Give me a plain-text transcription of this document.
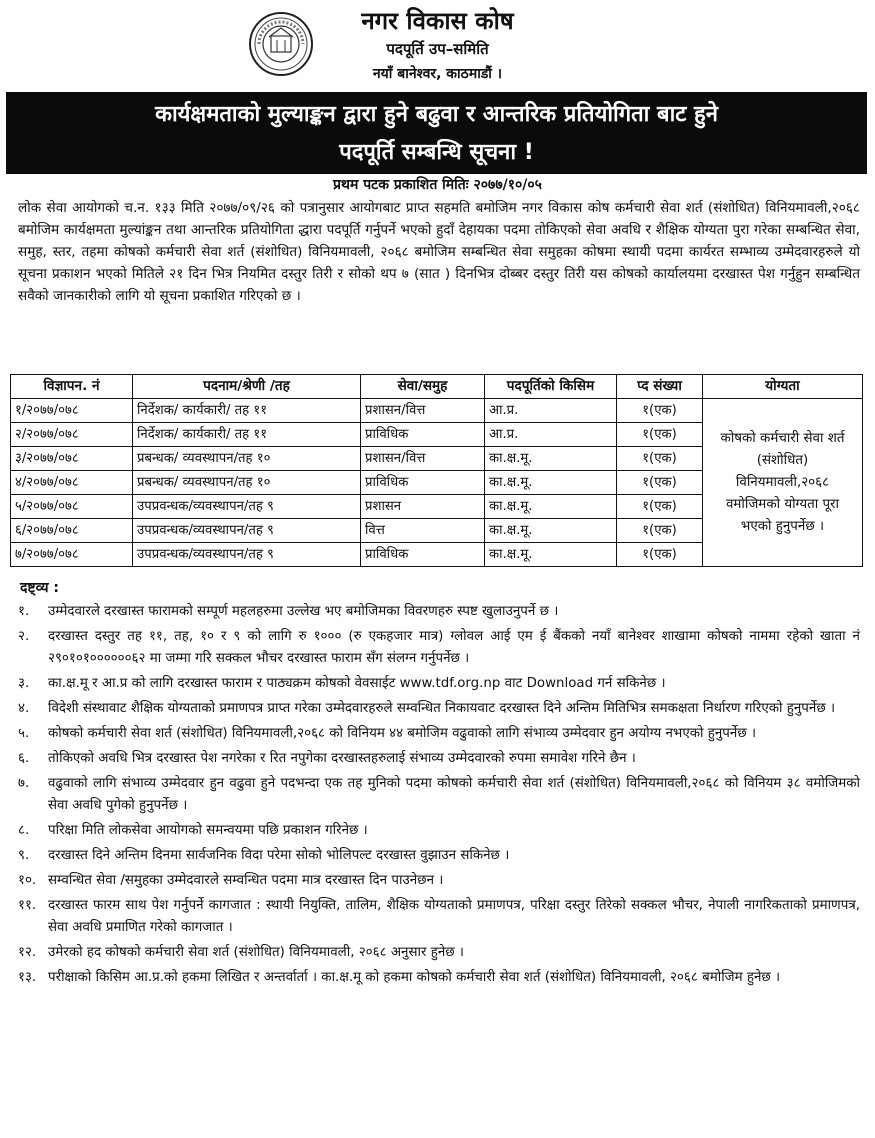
नगर विकास कोष
पदपूर्ति उप–समिति
नयाँ बानेश्वर, काठमाडौं ।
कार्यक्षमताको मुल्याङ्कन द्वारा हुने बढुवा र आन्तरिक प्रतियोगिता बाट हुने
पदपूर्ति सम्बन्धि सूचना !
प्रथम पटक प्रकाशित मितिः २०७७/१०/०५
लोक सेवा आयोगको च.न. १३३ मिति २०७७/०९/२६ को पत्रानुसार आयोगबाट प्राप्त सहमति बमोजिम नगर विकास कोष कर्मचारी सेवा शर्त (संशोधित) विनियमावली,२०६८ बमोजिम कार्यक्षमता मुल्यांङ्कन तथा आन्तरिक प्रतियोगिता द्धारा पदपूर्ति गर्नुपर्ने भएको हुदाँ देहायका पदमा तोकिएको सेवा अवधि र शैक्षिक योग्यता पुरा गरेका सम्बन्धित सेवा, समुह, स्तर, तहमा कोषको कर्मचारी सेवा शर्त (संशोधित) विनियमावली, २०६८ बमोजिम सम्बन्धित सेवा समुहका कोषमा स्थायी पदमा कार्यरत सम्भाव्य उम्मेदवारहरुले यो सूचना प्रकाशन भएको मितिले २१ दिन भित्र नियमित दस्तुर तिरी र सोको थप ७ (सात ) दिनभित्र दोब्बर दस्तुर तिरी यस कोषको कार्यालयमा दरखास्त पेश गर्नुहुन सम्बन्धित सवैको जानकारीको लागि यो सूचना प्रकाशित गरिएको छ ।
विज्ञापन. नं	पदनाम/श्रेणी /तह	सेवा/समुह	पदपूर्तिको किसिम	प्द संख्या	योग्यता
१/२०७७/०७८	निर्देशक/ कार्यकारी/ तह ११	प्रशासन/वित्त	आ.प्र.	१(एक)	कोषको कर्मचारी सेवा शर्त (संशोधित) विनियमावली,२०६८ वमोजिमको योग्यता पूरा भएको हुनुपर्नेछ ।
२/२०७७/०७८	निर्देशक/ कार्यकारी/ तह ११	प्राविधिक	आ.प्र.	१(एक)	
३/२०७७/०७८	प्रबन्धक/ व्यवस्थापन/तह १०	प्रशासन/वित्त	का.क्ष.मू.	१(एक)	
४/२०७७/०७८	प्रबन्धक/ व्यवस्थापन/तह १०	प्राविधिक	का.क्ष.मू.	१(एक)	
५/२०७७/०७८	उपप्रवन्धक/व्यवस्थापन/तह ९	प्रशासन	का.क्ष.मू.	१(एक)	
६/२०७७/०७८	उपप्रवन्धक/व्यवस्थापन/तह ९	वित्त	का.क्ष.मू.	१(एक)	
७/२०७७/०७८	उपप्रवन्धक/व्यवस्थापन/तह ९	प्राविधिक	का.क्ष.मू.	१(एक)	
दष्ट्व्य :
१.	उम्मेदवारले दरखास्त फारामको सम्पूर्ण महलहरुमा उल्लेख भए बमोजिमका विवरणहरु स्पष्ट खुलाउनुपर्ने छ ।
२.	दरखास्त दस्तुर तह ११, तह, १० र ९ को लागि रु १००० (रु एकहजार मात्र) ग्लोवल आई एम ई बैंकको नयाँ बानेश्वर शाखामा कोषको नाममा रहेको खाता नं २९०१०१००००००६२ मा जम्मा गरि सक्कल भौचर दरखास्त फाराम सँग संलग्न गर्नुपर्नेछ ।
३.	का.क्ष.मू र आ.प्र को लागि दरखास्त फाराम र पाठ्यक्रम कोषको वेवसाईट www.tdf.org.np वाट Download गर्न सकिनेछ ।
४.	विदेशी संस्थावाट शैक्षिक योग्यताको प्रमाणपत्र प्राप्त गरेका उम्मेदवारहरुले सम्वन्धित निकायवाट दरखास्त दिने अन्तिम मितिभित्र समकक्षता निर्धारण गरिएको हुनुपर्नेछ ।
५.	कोषको कर्मचारी सेवा शर्त (संशोधित) विनियमावली,२०६८ को विनियम ४४ बमोजिम वढुवाको लागि संभाव्य उम्मेदवार हुन अयोग्य नभएको हुनुपर्नेछ ।
६.	तोकिएको अवधि भित्र दरखास्त पेश नगरेका र रित नपुगेका दरखास्तहरुलाई संभाव्य उम्मेदवारको रुपमा समावेश गरिने छैन ।
७.	वढुवाको लागि संभाव्य उम्मेदवार हुन वढुवा हुने पदभन्दा एक तह मुनिको पदमा कोषको कर्मचारी सेवा शर्त (संशोधित) विनियमावली,२०६८ को विनियम ३८ वमोजिमको सेवा अवधि पुगेको हुनुपर्नेछ ।
८.	परिक्षा मिति लोकसेवा आयोगको समन्वयमा पछि प्रकाशन गरिनेछ ।
९.	दरखास्त दिने अन्तिम दिनमा सार्वजनिक विदा परेमा सोको भोलिपल्ट दरखास्त वुझाउन सकिनेछ ।
१०. सम्वन्धित सेवा /समुहका उम्मेदवारले सम्वन्धित पदमा मात्र दरखास्त दिन पाउनेछन ।
११. दरखास्त फारम साथ पेश गर्नुपर्ने कागजात : स्थायी नियुक्ति, तालिम, शैक्षिक योग्यताको प्रमाणपत्र, परिक्षा दस्तुर तिरेको सक्कल भौचर, नेपाली नागरिकताको प्रमाणपत्र, सेवा अवधि प्रमाणित गरेको कागजात ।
१२. उमेरको हद कोषको कर्मचारी सेवा शर्त (संशोधित) विनियमावली, २०६८ अनुसार हुनेछ ।
१३. परीक्षाको किसिम आ.प्र.को हकमा लिखित र अन्तर्वार्ता । का.क्ष.मू को हकमा कोषको कर्मचारी सेवा शर्त (संशोधित) विनियमावली, २०६८ बमोजिम हुनेछ ।
